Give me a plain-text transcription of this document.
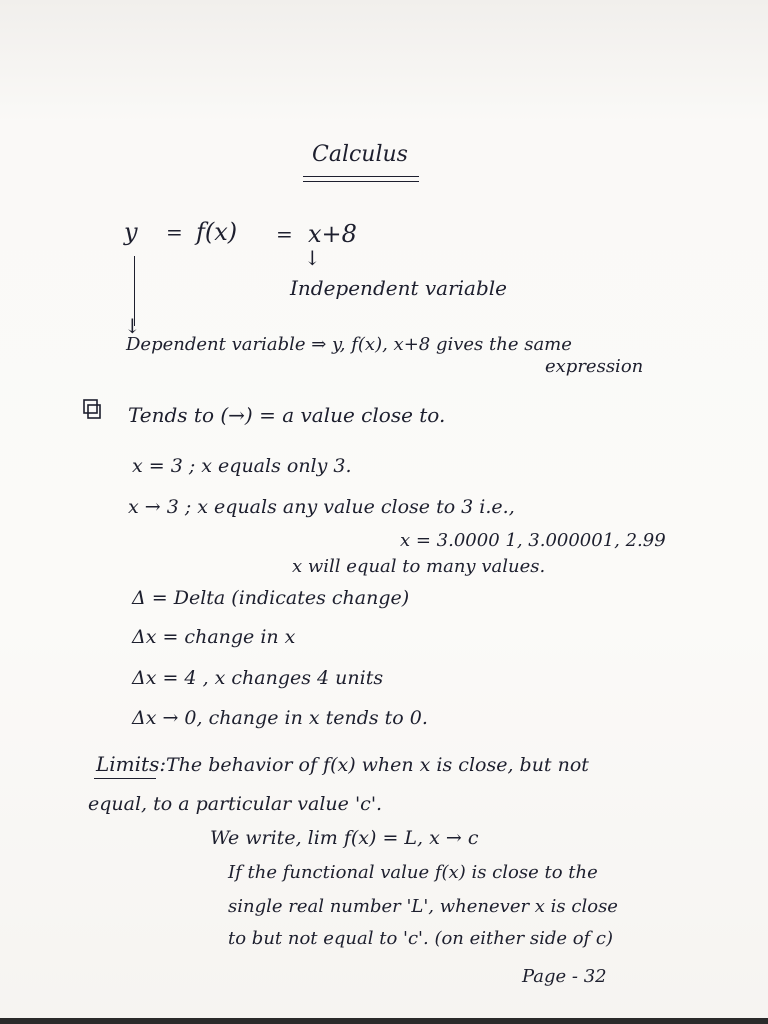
Calculus
y = f(x) = x+8
↓
Independent variable
↓
Dependent variable ⇒ y, f(x), x+8 gives the same
expression
Tends to (→) = a value close to.
x = 3 ; x equals only 3.
x → 3 ; x equals any value close to 3 i.e.,
x = 3.0000 1, 3.000001, 2.99
x will equal to many values.
Δ = Delta (indicates change)
Δx = change in x
Δx = 4 , x changes 4 units
Δx → 0, change in x tends to 0.
Limits: The behavior of f(x) when x is close, but not
equal, to a particular value 'c'.
We write, lim f(x) = L, x → c
If the functional value f(x) is close to the
single real number 'L', whenever x is close
to but not equal to 'c'. (on either side of c)
Page - 32
